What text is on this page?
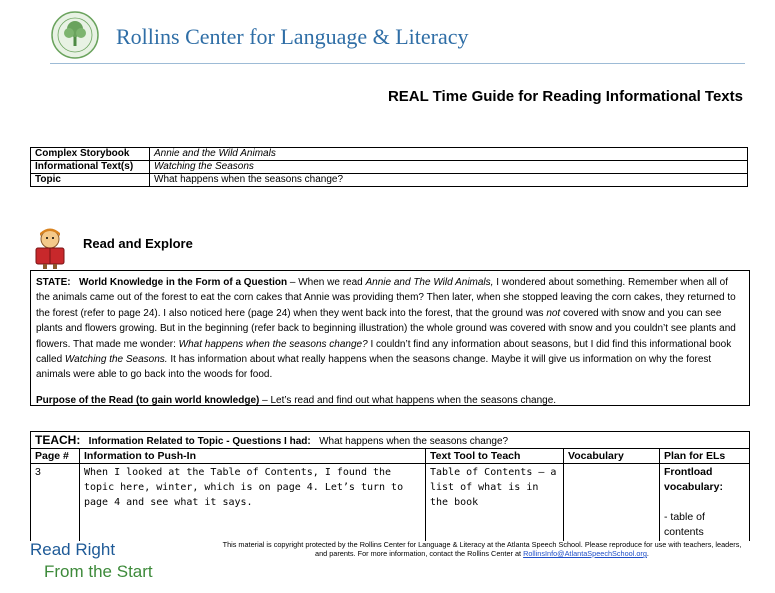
Rollins Center for Language & Literacy
REAL Time Guide for Reading Informational Texts
Complex Storybook	Annie and the Wild Animals
Informational Text(s)	Watching the Seasons
Topic	What happens when the seasons change?
Read and Explore

STATE: World Knowledge in the Form of a Question – When we read Annie and The Wild Animals, I wondered about something. Remember when all of the animals came out of the forest to eat the corn cakes that Annie was providing them? Then later, when she stopped leaving the corn cakes, they returned to the forest (refer to page 24). I also noticed here (page 24) when they went back into the forest, that the ground was not covered with snow and you can see plants and flowers growing. But in the beginning (refer back to beginning illustration) the whole ground was covered with snow and you couldn’t see plants and flowers. That made me wonder: What happens when the seasons change? I couldn’t find any information about seasons, but I did find this informational book called Watching the Seasons. It has information about what really happens when the seasons change. Maybe it will give us information on why the forest animals were able to go back into the woods for food.

Purpose of the Read (to gain world knowledge) – Let’s read and find out what happens when the seasons change.

TEACH: Information Related to Topic - Questions I had: What happens when the seasons change?
Page #	Information to Push-In	Text Tool to Teach	Vocabulary	Plan for ELs
3	When I looked at the Table of Contents, I found the topic here, winter, which is on page 4. Let’s turn to page 4 and see what it says.	Table of Contents – a list of what is in the book		Frontload vocabulary:

- table of contents
Read Right
From the Start
This material is copyright protected by the Rollins Center for Language & Literacy at the Atlanta Speech School. Please reproduce for use with teachers, leaders, and parents. For more information, contact the Rollins Center at RollinsInfo@AtlantaSpeechSchool.org.
